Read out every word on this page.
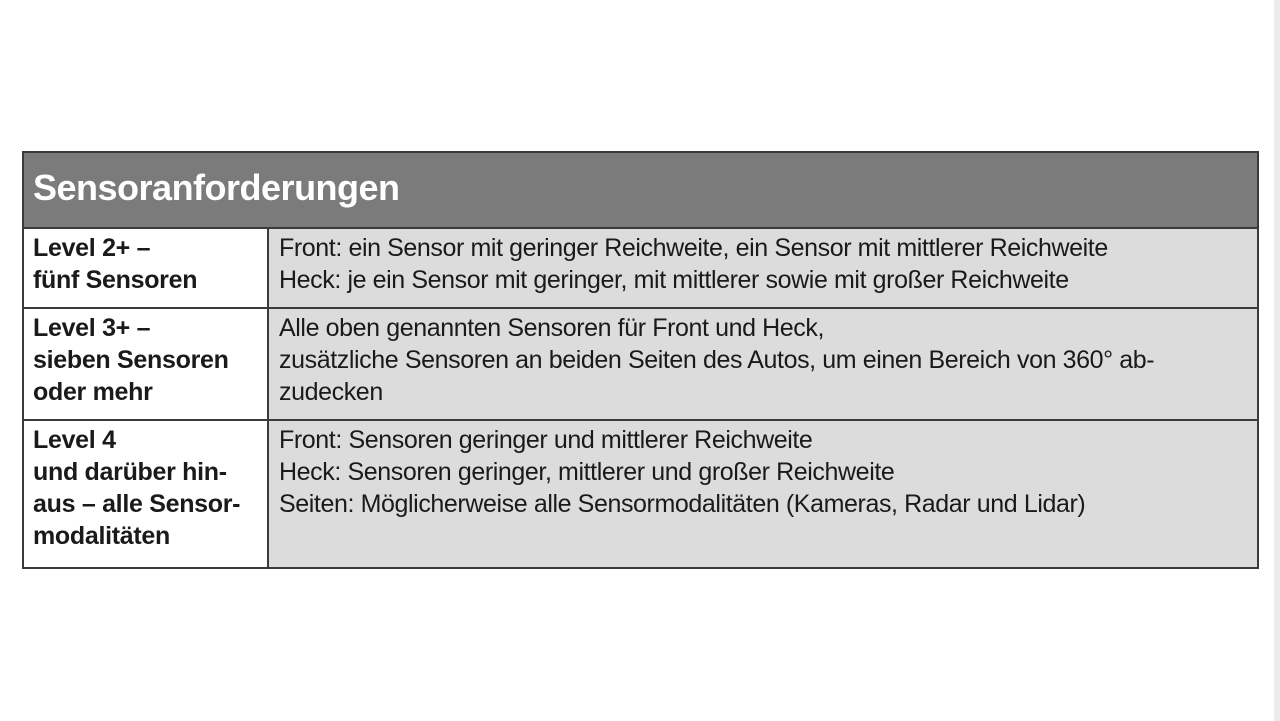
Sensoranforderungen
Level 2+ –
fünf Sensoren
Front: ein Sensor mit geringer Reichweite, ein Sensor mit mittlerer Reichweite
Heck: je ein Sensor mit geringer, mit mittlerer sowie mit großer Reichweite
Level 3+ –
sieben Sensoren
oder mehr
Alle oben genannten Sensoren für Front und Heck,
zusätzliche Sensoren an beiden Seiten des Autos, um einen Bereich von 360° ab-
zudecken
Level 4
und darüber hin-
aus – alle Sensor-
modalitäten
Front: Sensoren geringer und mittlerer Reichweite
Heck: Sensoren geringer, mittlerer und großer Reichweite
Seiten: Möglicherweise alle Sensormodalitäten (Kameras, Radar und Lidar)
